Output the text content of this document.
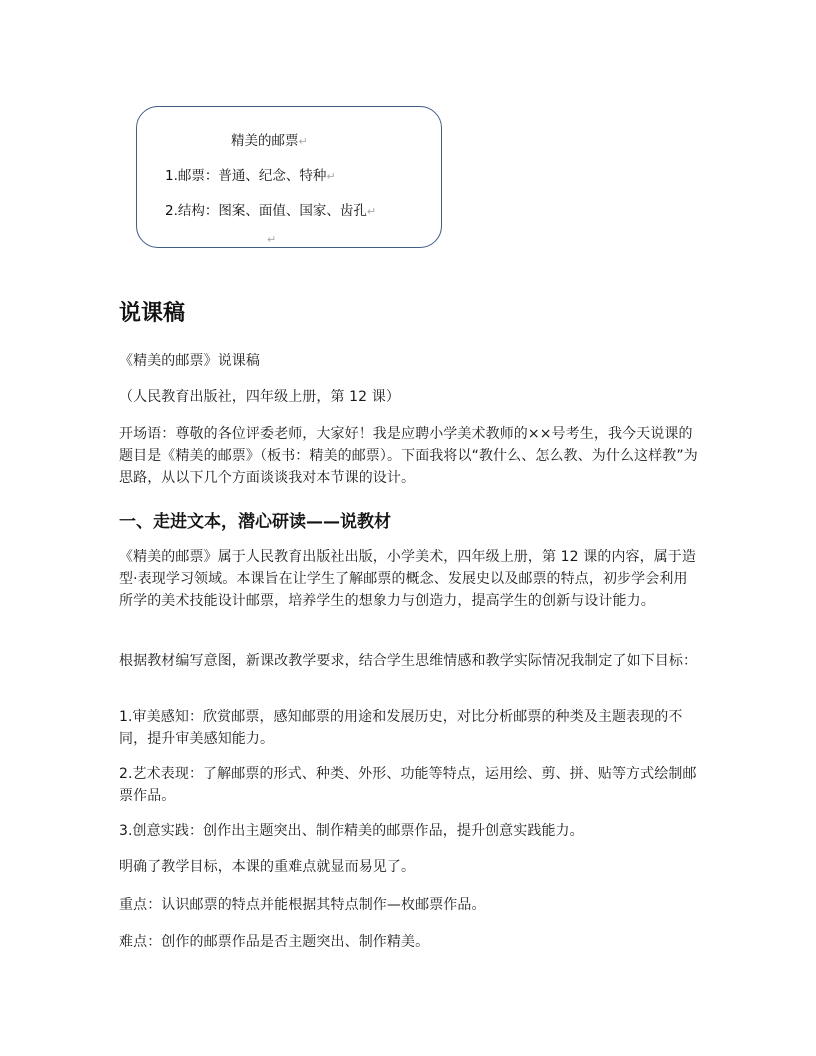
精美的邮票↵
1.邮票：普通、纪念、特种↵
2.结构：图案、面值、国家、齿孔↵
↵
说课稿
《精美的邮票》说课稿
（人民教育出版社，四年级上册，第 12 课）
开场语：尊敬的各位评委老师，大家好！我是应聘小学美术教师的××号考生，我今天说课的题目是《精美的邮票》（板书：精美的邮票）。下面我将以“教什么、怎么教、为什么这样教”为思路，从以下几个方面谈谈我对本节课的设计。
一、走进文本，潜心研读——说教材
《精美的邮票》属于人民教育出版社出版，小学美术，四年级上册，第 12 课的内容，属于造型·表现学习领域。本课旨在让学生了解邮票的概念、发展史以及邮票的特点，初步学会利用所学的美术技能设计邮票，培养学生的想象力与创造力，提高学生的创新与设计能力。
根据教材编写意图，新课改教学要求，结合学生思维情感和教学实际情况我制定了如下目标：
1.审美感知：欣赏邮票，感知邮票的用途和发展历史，对比分析邮票的种类及主题表现的不同，提升审美感知能力。
2.艺术表现：了解邮票的形式、种类、外形、功能等特点，运用绘、剪、拼、贴等方式绘制邮票作品。
3.创意实践：创作出主题突出、制作精美的邮票作品，提升创意实践能力。
明确了教学目标，本课的重难点就显而易见了。
重点：认识邮票的特点并能根据其特点制作—枚邮票作品。
难点：创作的邮票作品是否主题突出、制作精美。
